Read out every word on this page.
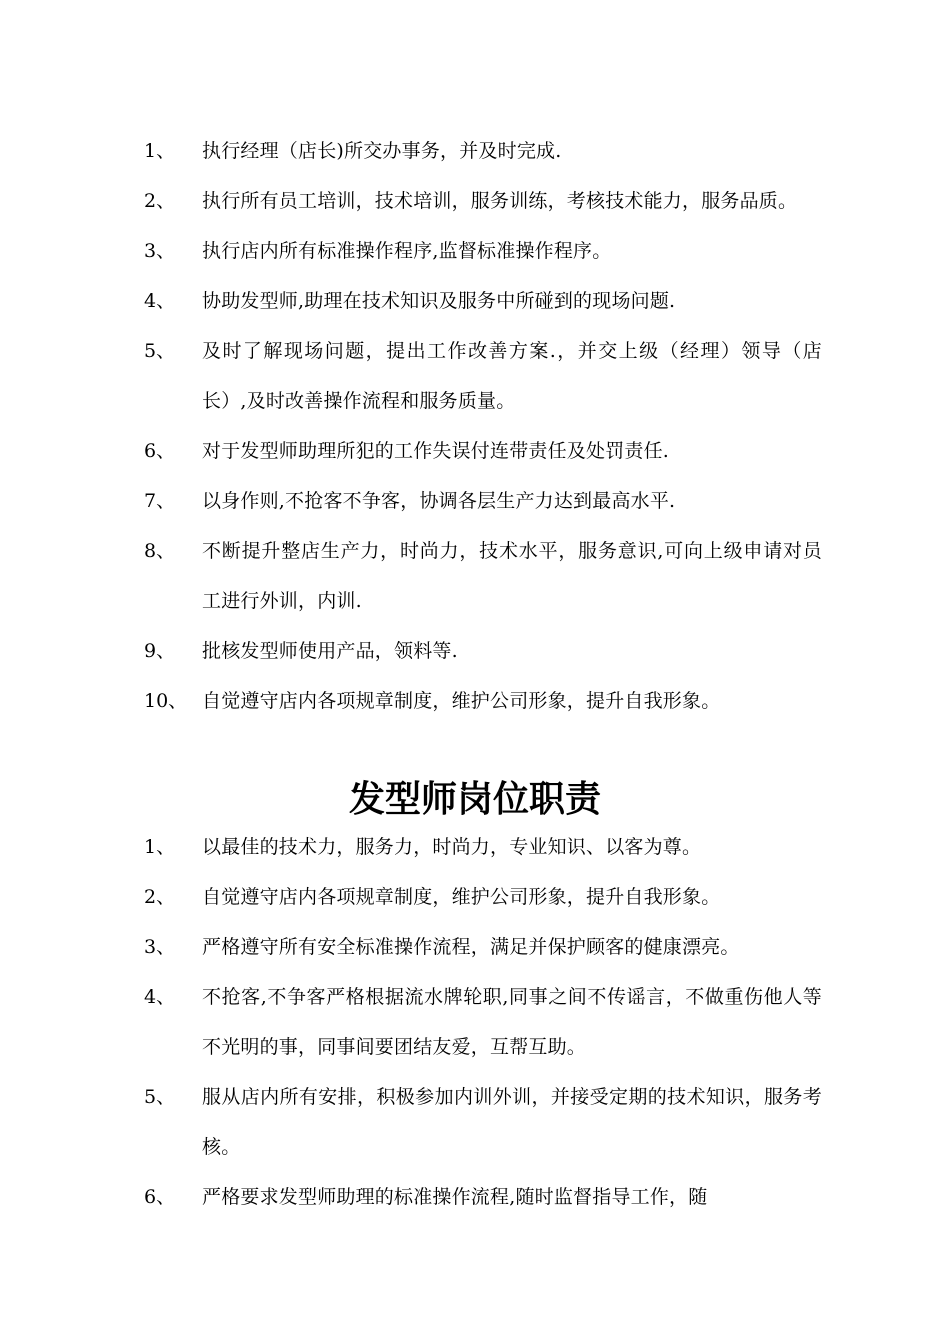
1、	执行经理（店长)所交办事务，并及时完成.
2、	执行所有员工培训，技术培训，服务训练，考核技术能力，服务品质。
3、	执行店内所有标准操作程序,监督标准操作程序。
4、	协助发型师,助理在技术知识及服务中所碰到的现场问题.
5、	及时了解现场问题，提出工作改善方案.，并交上级（经理）领导（店长）,及时改善操作流程和服务质量。
6、	对于发型师助理所犯的工作失误付连带责任及处罚责任.
7、	以身作则,不抢客不争客，协调各层生产力达到最高水平.
8、	不断提升整店生产力，时尚力，技术水平，服务意识,可向上级申请对员工进行外训，内训.
9、	批核发型师使用产品，领料等.
10、 自觉遵守店内各项规章制度，维护公司形象，提升自我形象。
发型师岗位职责
1、	以最佳的技术力，服务力，时尚力，专业知识、以客为尊。
2、	自觉遵守店内各项规章制度，维护公司形象，提升自我形象。
3、	严格遵守所有安全标准操作流程，满足并保护顾客的健康漂亮。
4、	不抢客,不争客严格根据流水牌轮职,同事之间不传谣言，不做重伤他人等不光明的事，同事间要团结友爱，互帮互助。
5、	服从店内所有安排，积极参加内训外训，并接受定期的技术知识，服务考核。
6、	严格要求发型师助理的标准操作流程,随时监督指导工作，随
